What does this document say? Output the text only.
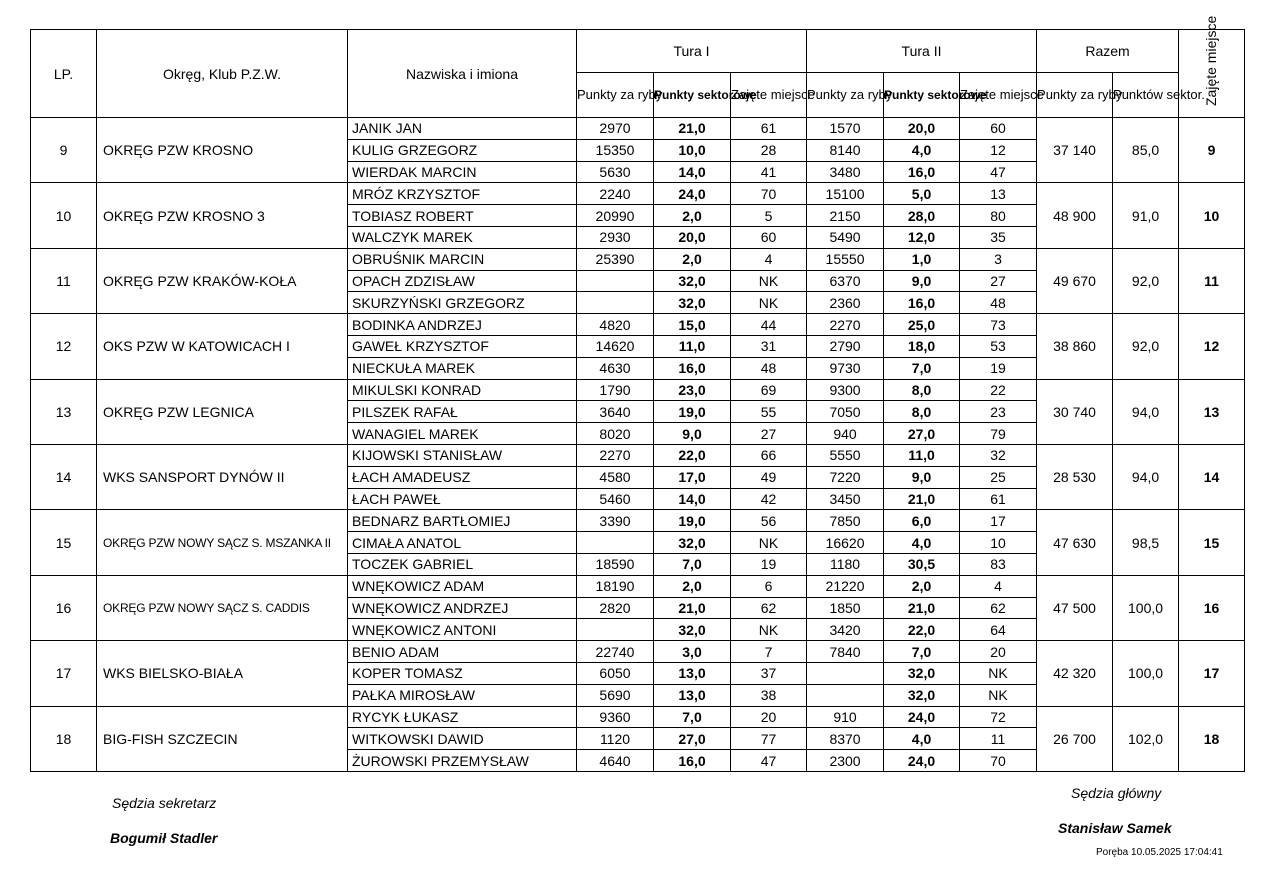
LP.	Okręg, Klub P.Z.W.	Nazwiska i imiona	Tura I			Tura II			Razem		Zajęte miejsce

			Punkty za ryby	Punkty sektorowe	Zajęte miejsce	Punkty za ryby	Punkty sektorowe	Zajęte miejsce	Punkty za ryby	Punktów sektor.	
9	OKRĘG PZW KROSNO	JANIK JAN	2970	21,0	61	1570	20,0	60	37 140	85,0	9
		KULIG GRZEGORZ	15350	10,0	28	8140	4,0	12			
		WIERDAK MARCIN	5630	14,0	41	3480	16,0	47			
10	OKRĘG PZW KROSNO 3	MRÓZ KRZYSZTOF	2240	24,0	70	15100	5,0	13	48 900	91,0	10
		TOBIASZ ROBERT	20990	2,0	5	2150	28,0	80			
		WALCZYK MAREK	2930	20,0	60	5490	12,0	35			
11	OKRĘG PZW KRAKÓW-KOŁA	OBRUŚNIK MARCIN	25390	2,0	4	15550	1,0	3	49 670	92,0	11
		OPACH ZDZISŁAW		32,0	NK	6370	9,0	27			
		SKURZYŃSKI GRZEGORZ		32,0	NK	2360	16,0	48			
12	OKS PZW W KATOWICACH I	BODINKA ANDRZEJ	4820	15,0	44	2270	25,0	73	38 860	92,0	12
		GAWEŁ KRZYSZTOF	14620	11,0	31	2790	18,0	53			
		NIECKUŁA MAREK	4630	16,0	48	9730	7,0	19			
13	OKRĘG PZW LEGNICA	MIKULSKI KONRAD	1790	23,0	69	9300	8,0	22	30 740	94,0	13
		PILSZEK RAFAŁ	3640	19,0	55	7050	8,0	23			
		WANAGIEL MAREK	8020	9,0	27	940	27,0	79			
14	WKS SANSPORT DYNÓW II	KIJOWSKI STANISŁAW	2270	22,0	66	5550	11,0	32	28 530	94,0	14
		ŁACH AMADEUSZ	4580	17,0	49	7220	9,0	25			
		ŁACH PAWEŁ	5460	14,0	42	3450	21,0	61			
15	OKRĘG PZW NOWY SĄCZ S. MSZANKA II	BEDNARZ BARTŁOMIEJ	3390	19,0	56	7850	6,0	17	47 630	98,5	15
		CIMAŁA ANATOL		32,0	NK	16620	4,0	10			
		TOCZEK GABRIEL	18590	7,0	19	1180	30,5	83			
16	OKRĘG PZW NOWY SĄCZ S. CADDIS	WNĘKOWICZ ADAM	18190	2,0	6	21220	2,0	4	47 500	100,0	16
		WNĘKOWICZ ANDRZEJ	2820	21,0	62	1850	21,0	62			
		WNĘKOWICZ ANTONI		32,0	NK	3420	22,0	64			
17	WKS BIELSKO-BIAŁA	BENIO ADAM	22740	3,0	7	7840	7,0	20	42 320	100,0	17
		KOPER TOMASZ	6050	13,0	37		32,0	NK			
		PAŁKA MIROSŁAW	5690	13,0	38		32,0	NK			
18	BIG-FISH SZCZECIN	RYCYK ŁUKASZ	9360	7,0	20	910	24,0	72	26 700	102,0	18
		WITKOWSKI DAWID	1120	27,0	77	8370	4,0	11			
		ŻUROWSKI PRZEMYSŁAW	4640	16,0	47	2300	24,0	70			
Sędzia sekretarz
Bogumił Stadler
Sędzia główny
Stanisław Samek
Poręba 10.05.2025 17:04:41
